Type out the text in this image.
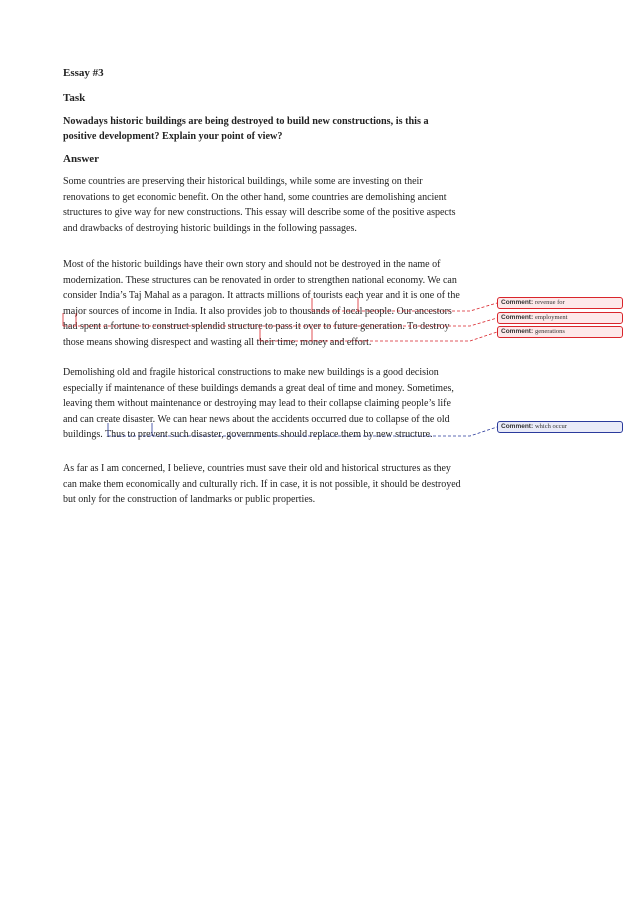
Essay #3

Task

Nowadays historic buildings are being destroyed to build new constructions, is this a positive development? Explain your point of view?

Answer

Some countries are preserving their historical buildings, while some are investing on their renovations to get economic benefit. On the other hand, some countries are demolishing ancient structures to give way for new constructions. This essay will describe some of the positive aspects and drawbacks of destroying historic buildings in the following passages.

Most of the historic buildings have their own story and should not be destroyed in the name of modernization. These structures can be renovated in order to strengthen national economy. We can consider India’s Taj Mahal as a paragon. It attracts millions of tourists each year and it is one of the major sources of income in India. It also provides job to thousands of local people. Our ancestors had spent a fortune to construct splendid structure to pass it over to future generation. To destroy those means showing disrespect and wasting all their time, money and effort.

Demolishing old and fragile historical constructions to make new buildings is a good decision especially if maintenance of these buildings demands a great deal of time and money. Sometimes, leaving them without maintenance or destroying may lead to their collapse claiming people’s life and can create disaster. We can hear news about the accidents occurred due to collapse of the old buildings. Thus to prevent such disaster, governments should replace them by new structure.

As far as I am concerned, I believe, countries must save their old and historical structures as they can make them economically and culturally rich. If in case, it is not possible, it should be destroyed but only for the construction of landmarks or public properties.

Comment: revenue for
Comment: employment
Comment: generations
Comment: which occur
